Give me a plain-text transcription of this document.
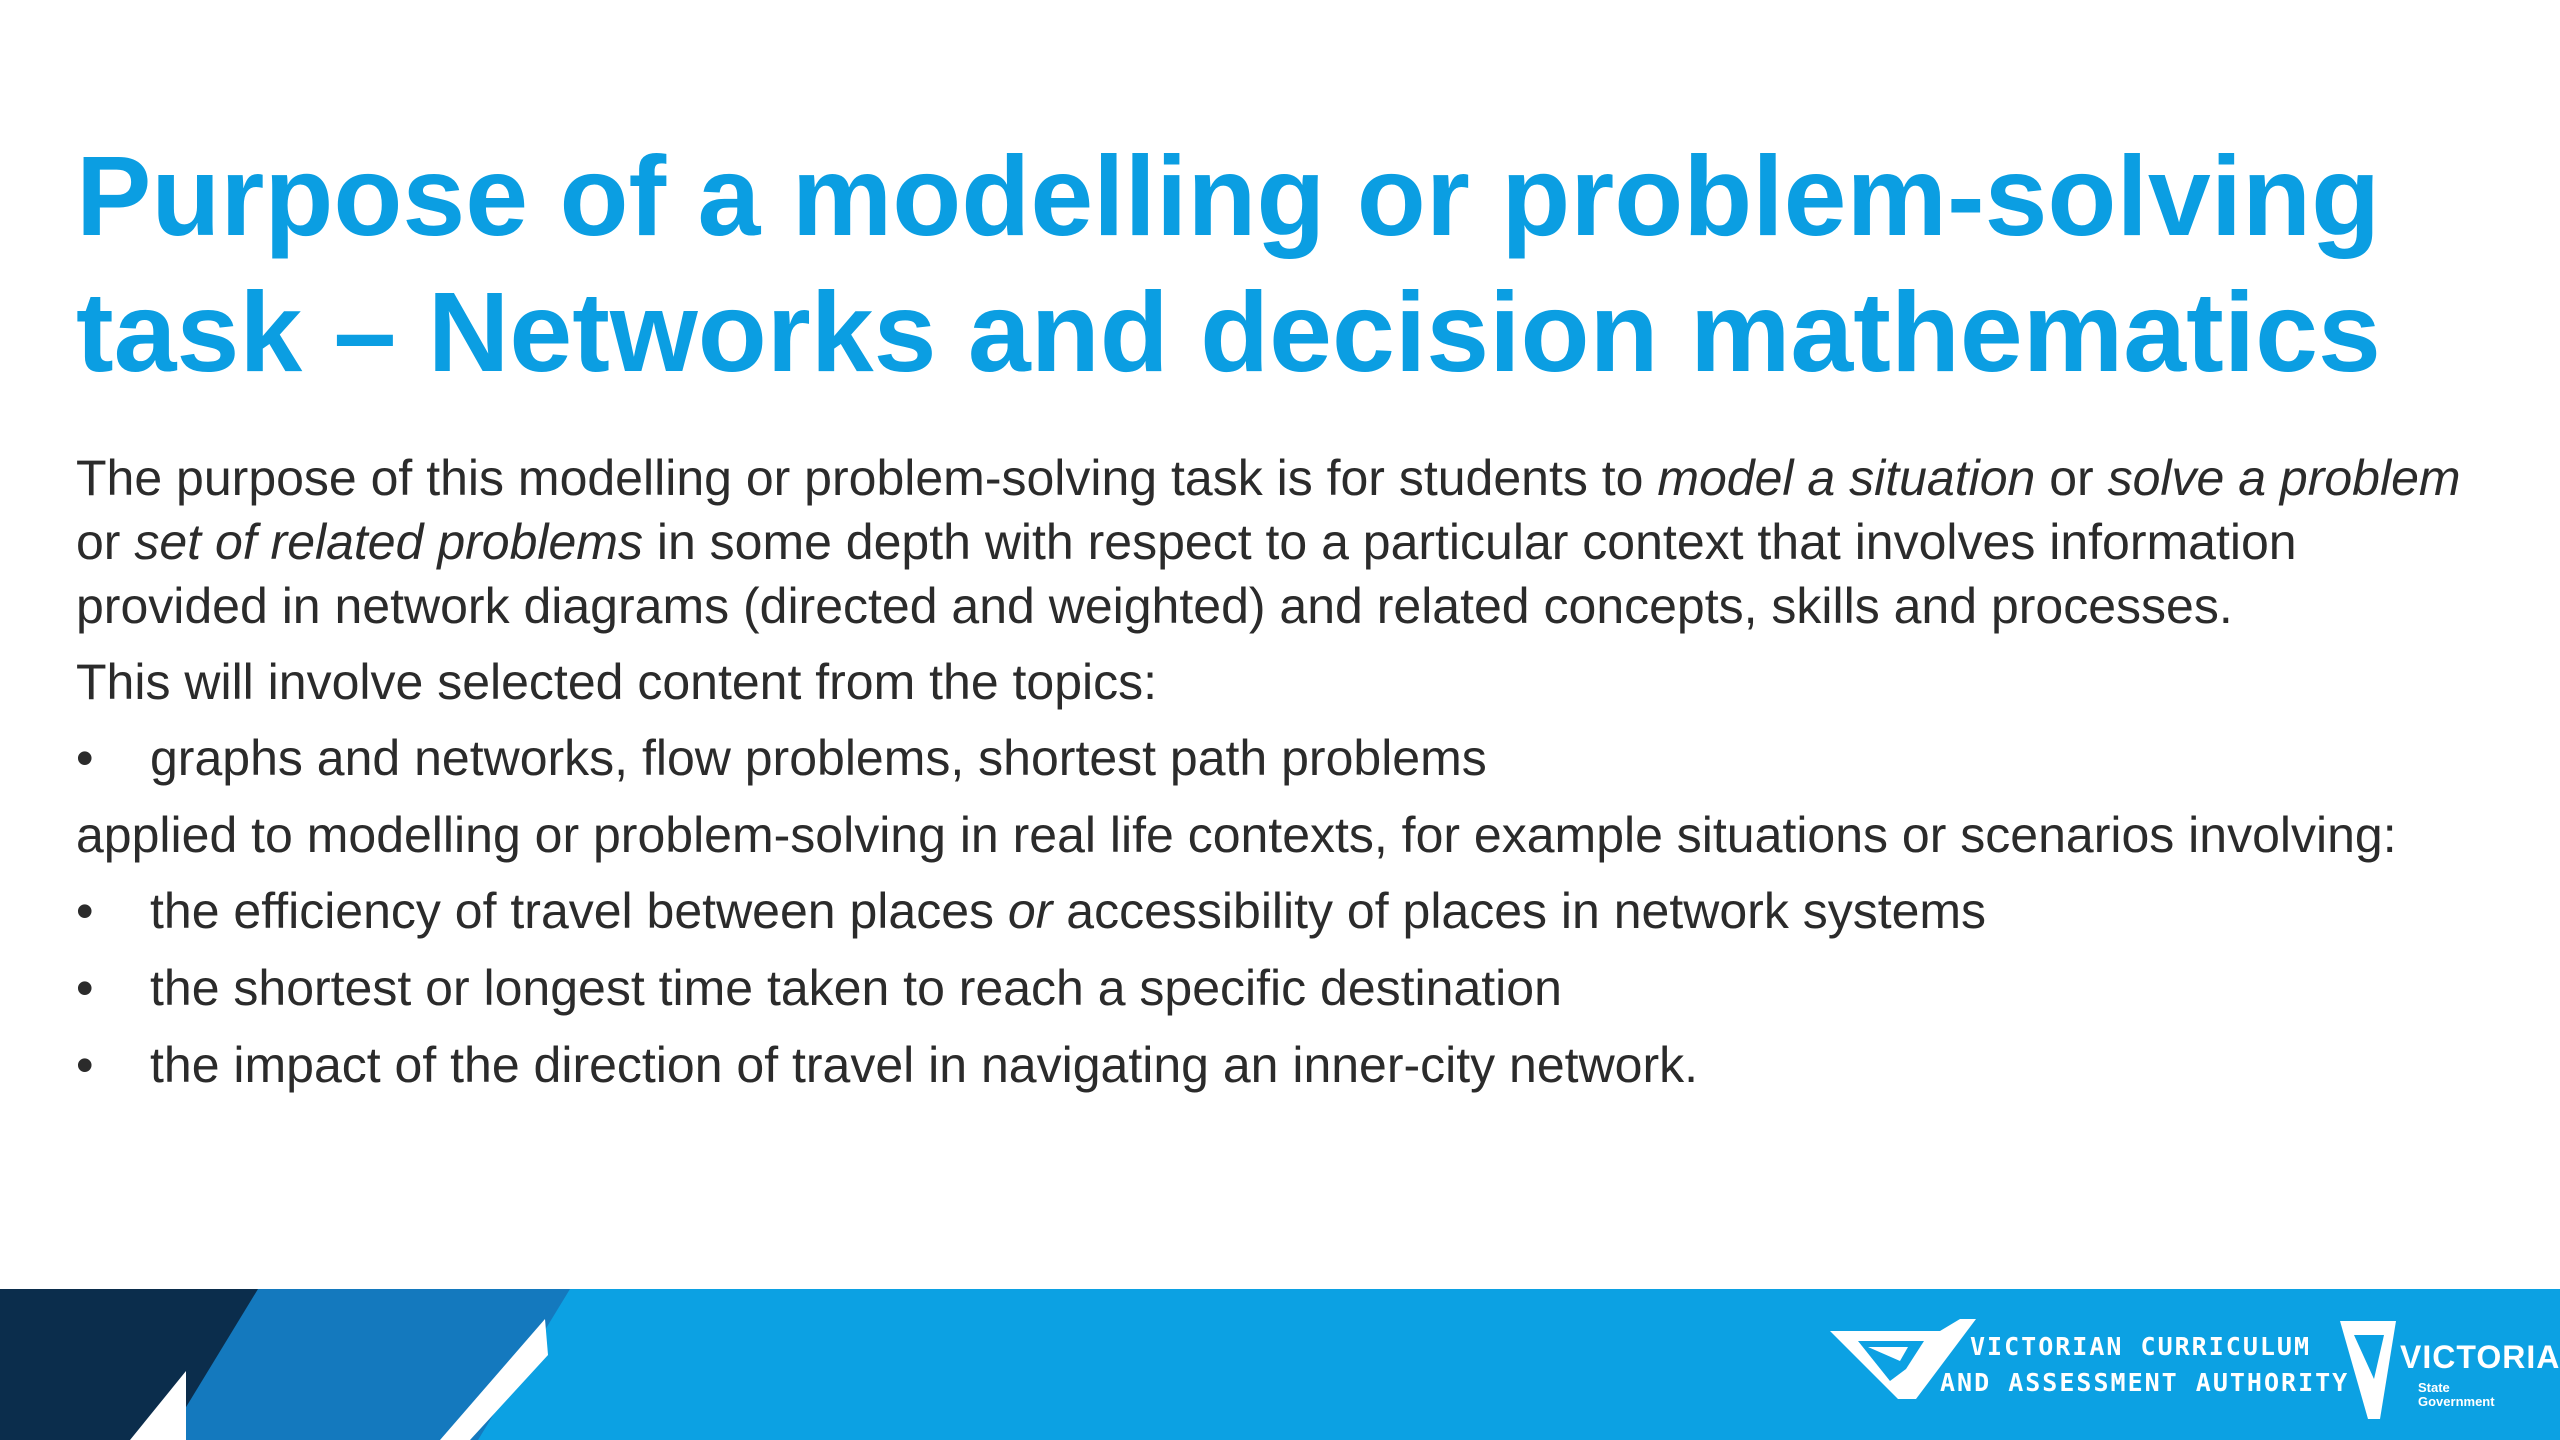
Purpose of a modelling or problem-solving
task – Networks and decision mathematics

The purpose of this modelling or problem-solving task is for students to model a situation or solve a problem or set of related problems in some depth with respect to a particular context that involves information provided in network diagrams (directed and weighted) and related concepts, skills and processes.

This will involve selected content from the topics:

• graphs and networks, flow problems, shortest path problems

applied to modelling or problem-solving in real life contexts, for example situations or scenarios involving:

• the efficiency of travel between places or accessibility of places in network systems
• the shortest or longest time taken to reach a specific destination
• the impact of the direction of travel in navigating an inner-city network.
VICTORIAN CURRICULUM
AND ASSESSMENT AUTHORITY
VICTORIA
State
Government
